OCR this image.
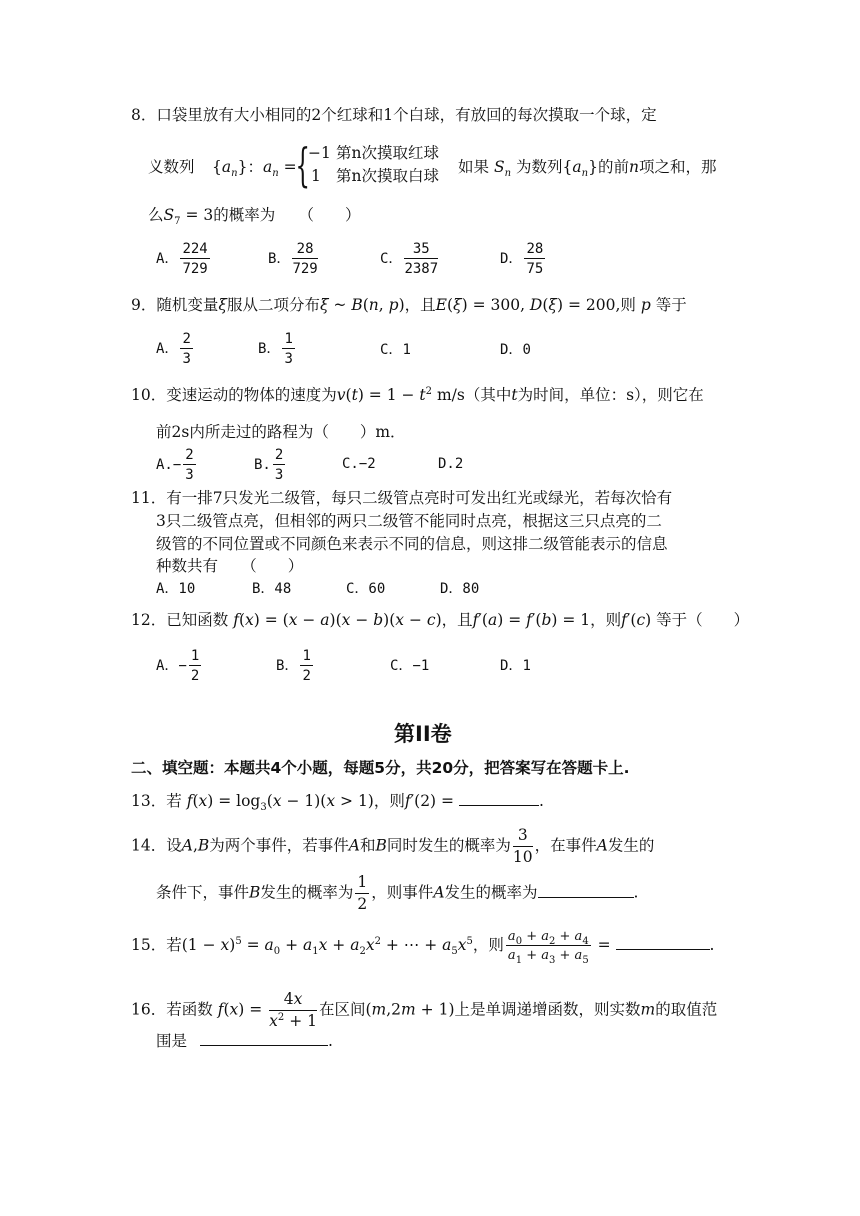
8．口袋里放有大小相同的2个红球和1个白球，有放回的每次摸取一个球，定
义数列 $\{a_n\}$：$a_n$ =
{
−1 第n次摸取红球
1 第n次摸取白球 如果 $S_n$ 为数列$\{a_n\}$的前n项之和，那
么$S_7 = 3$的概率为　　（　　）
A． $\frac{224}{729}$	B． $\frac{28}{729}$	C． $\frac{35}{2387}$	D． $\frac{28}{75}$
9．随机变量ξ服从二项分布ξ ~ B(n, p)，且E(ξ) = 300, D(ξ) = 200,则 p 等于
A． $\frac{2}{3}$	B． $\frac{1}{3}$	C．1	D．0
10．变速运动的物体的速度为$v(t) = 1 - t^2$ m/s（其中t为时间，单位：s），则它在
前2s内所走过的路程为（　　）m．
$A.- \frac{2}{3}$	B. $\frac{2}{3}$	C.−2	D.2
11．有一排7只发光二级管，每只二级管点亮时可发出红光或绿光，若每次恰有
3只二级管点亮，但相邻的两只二级管不能同时点亮，根据这三只点亮的二
级管的不同位置或不同颜色来表示不同的信息，则这排二级管能表示的信息
种数共有　　（　　）
A．10	B．48	C．60	D．80
12．已知函数 f(x) = (x − a)(x − b)(x − c)，且f′(a) = f′(b) = 1，则f′(c) 等于（　　）
A．− $\frac{1}{2}$	B． $\frac{1}{2}$	C．−1	D．1
第II卷
二、填空题：本题共4个小题，每题5分，共20分，把答案写在答题卡上.
13．若 $f(x) = \log_3(x - 1)(x > 1)$，则f′(2) =	.
14．设A,B为两个事件，若事件A和B同时发生的概率为 $\frac{3}{10}$ ，在事件A发生的
条件下，事件B发生的概率为 $\frac{1}{2}$ ，则事件A发生的概率为	.
15．若$(1 - x)^5 = a_0 + a_1x + a_2x^2$ + ⋯ + $a_5x^5$，则 $\frac{a_0 + a_2 + a_4}{a_1 + a_3 + a_5}$ =	.
16．若函数 $f(x) = \frac{4x}{x^2 + 1}$ 在区间(m,2m + 1)上是单调递增函数，则实数m的取值范
围是	.
